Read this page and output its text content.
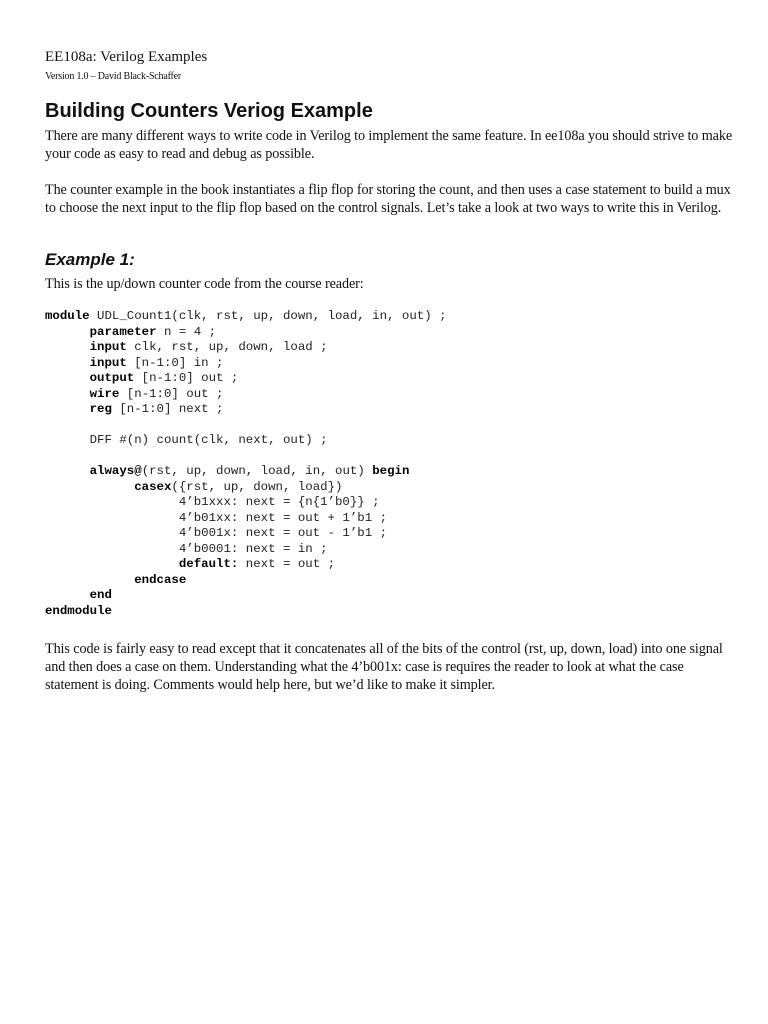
EE108a: Verilog Examples
Version 1.0 – David Black-Schaffer
Building Counters Veriog Example
There are many different ways to write code in Verilog to implement the same feature. In ee108a you should strive to make your code as easy to read and debug as possible.
The counter example in the book instantiates a flip flop for storing the count, and then uses a case statement to build a mux to choose the next input to the flip flop based on the control signals. Let’s take a look at two ways to write this in Verilog.
Example 1:
This is the up/down counter code from the course reader:
module UDL_Count1(clk, rst, up, down, load, in, out) ;
parameter n = 4 ;
input clk, rst, up, down, load ;
input [n-1:0] in ;
output [n-1:0] out ;
wire [n-1:0] out ;
reg [n-1:0] next ;
DFF #(n) count(clk, next, out) ;
always@(rst, up, down, load, in, out) begin
casex({rst, up, down, load})
4’b1xxx: next = {n{1’b0}} ;
4’b01xx: next = out + 1’b1 ;
4’b001x: next = out - 1’b1 ;
4’b0001: next = in ;
default: next = out ;
endcase
end
endmodule
This code is fairly easy to read except that it concatenates all of the bits of the control (rst, up, down, load) into one signal and then does a case on them. Understanding what the 4’b001x: case is requires the reader to look at what the case statement is doing. Comments would help here, but we’d like to make it simpler.
